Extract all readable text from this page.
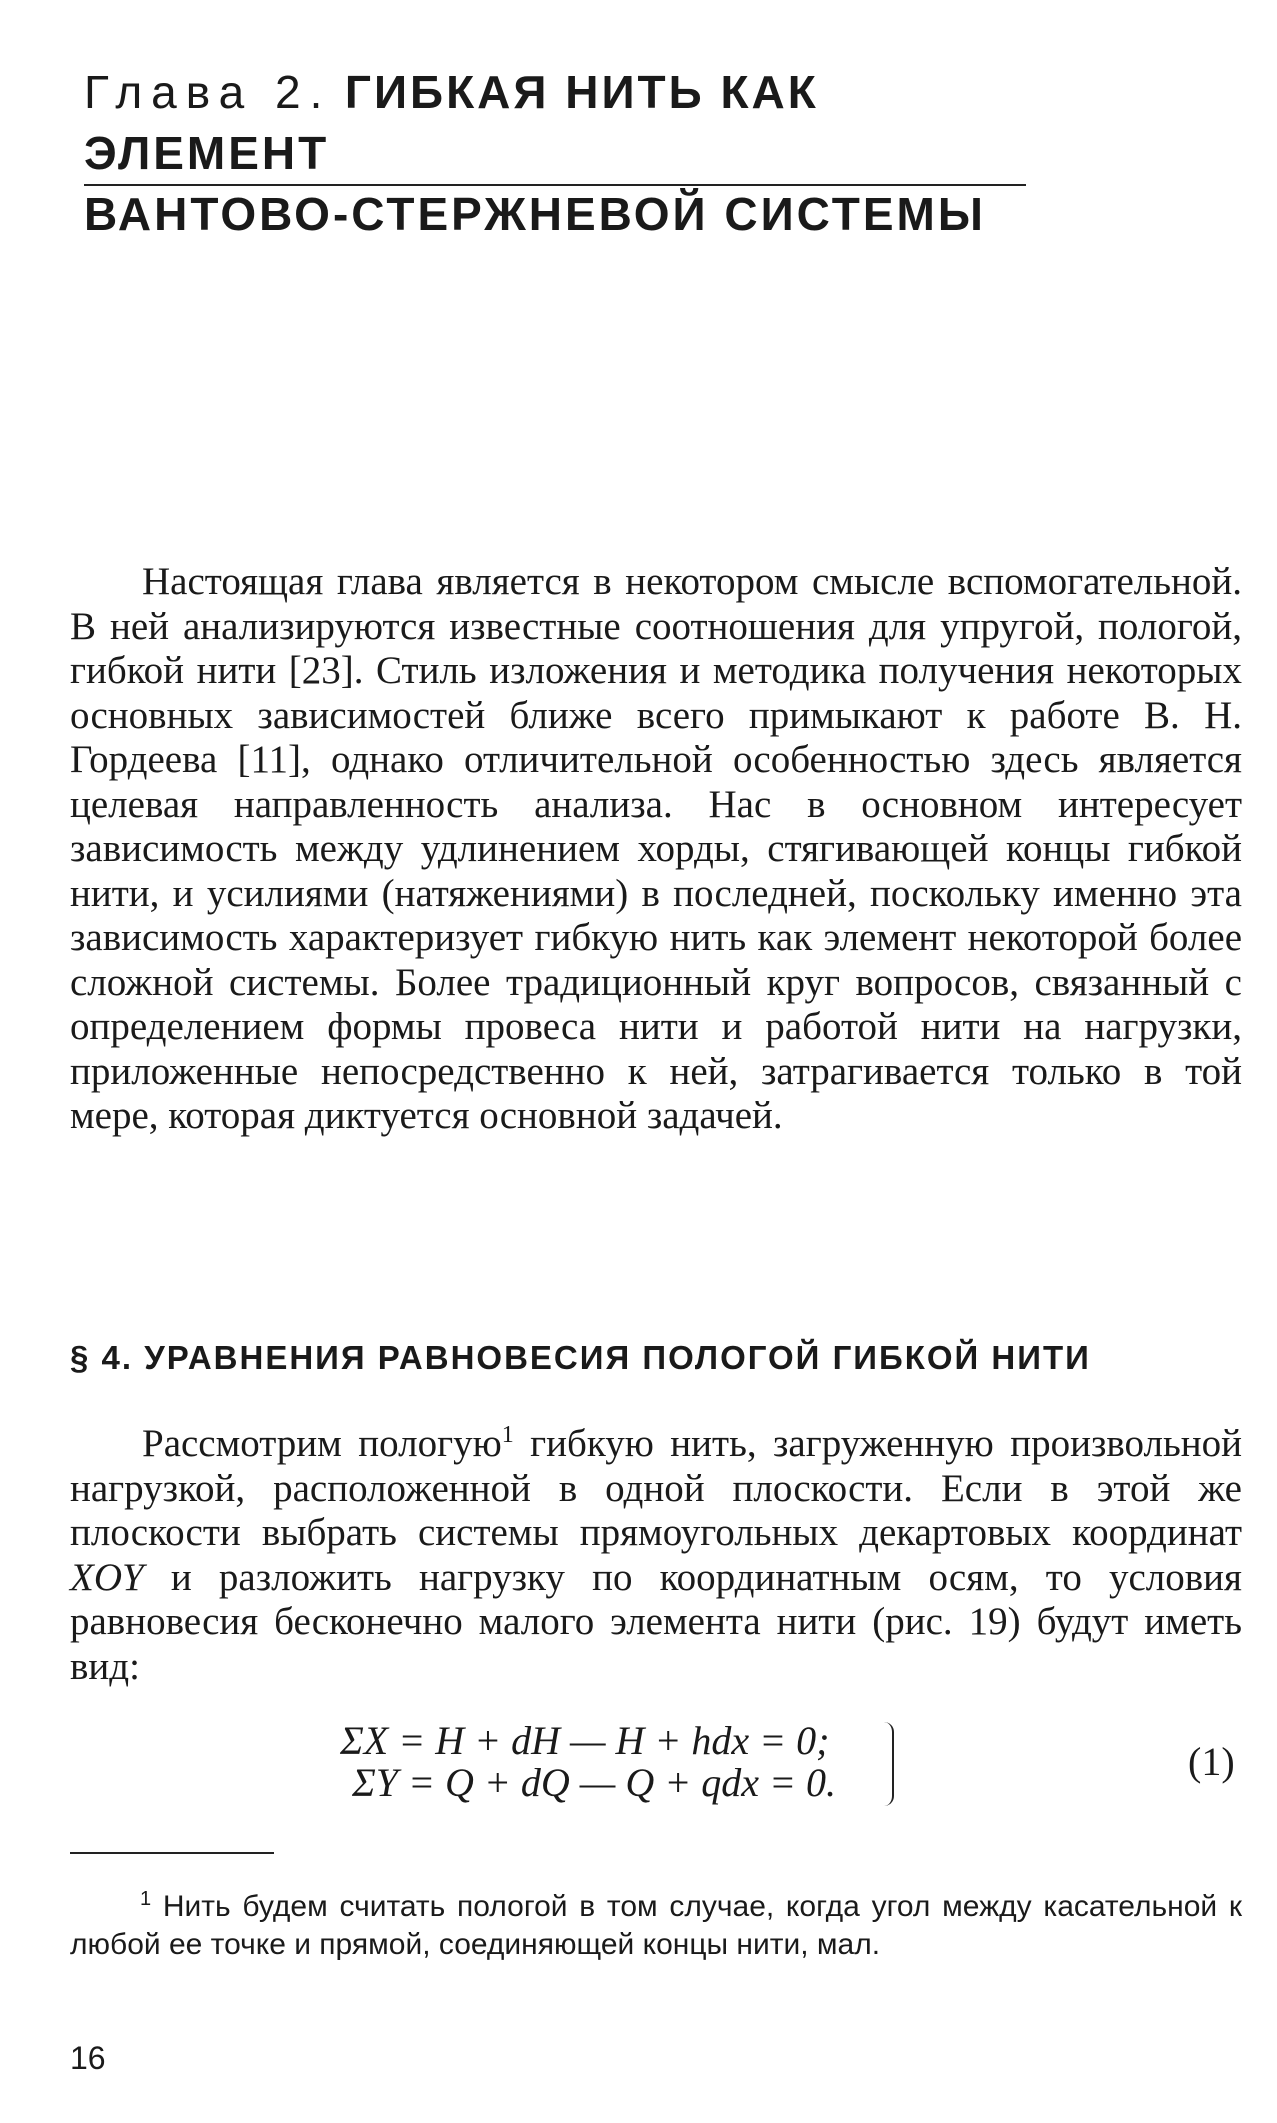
Глава 2. ГИБКАЯ НИТЬ КАК ЭЛЕМЕНТ
ВАНТОВО-СТЕРЖНЕВОЙ СИСТЕМЫ

Настоящая глава является в некотором смысле вспомогательной. В ней анализируются известные соотношения для упругой, пологой, гибкой нити [23]. Стиль изложения и методика получения некоторых основных зависимостей ближе всего примыкают к работе В. Н. Гордеева [11], однако отличительной особенностью здесь является целевая направленность анализа. Нас в основном интересует зависимость между удлинением хорды, стягивающей концы гибкой нити, и усилиями (натяжениями) в последней, поскольку именно эта зависимость характеризует гибкую нить как элемент некоторой более сложной системы. Более традиционный круг вопросов, связанный с определением формы провеса нити и работой нити на нагрузки, приложенные непосредственно к ней, затрагивается только в той мере, которая диктуется основной задачей.

§ 4. УРАВНЕНИЯ РАВНОВЕСИЯ ПОЛОГОЙ ГИБКОЙ НИТИ

Рассмотрим пологую$^1$ гибкую нить, загруженную произвольной нагрузкой, расположенной в одной плоскости. Если в этой же плоскости выбрать системы прямоугольных декартовых координат XOY и разложить нагрузку по координатным осям, то условия равновесия бесконечно малого элемента нити (рис. 19) будут иметь вид:

ΣX = H + dH — H + hdx = 0;
ΣY = Q + dQ — Q + qdx = 0.	(1)

$^1$ Нить будем считать пологой в том случае, когда угол между касательной к любой ее точке и прямой, соединяющей концы нити, мал.

16
